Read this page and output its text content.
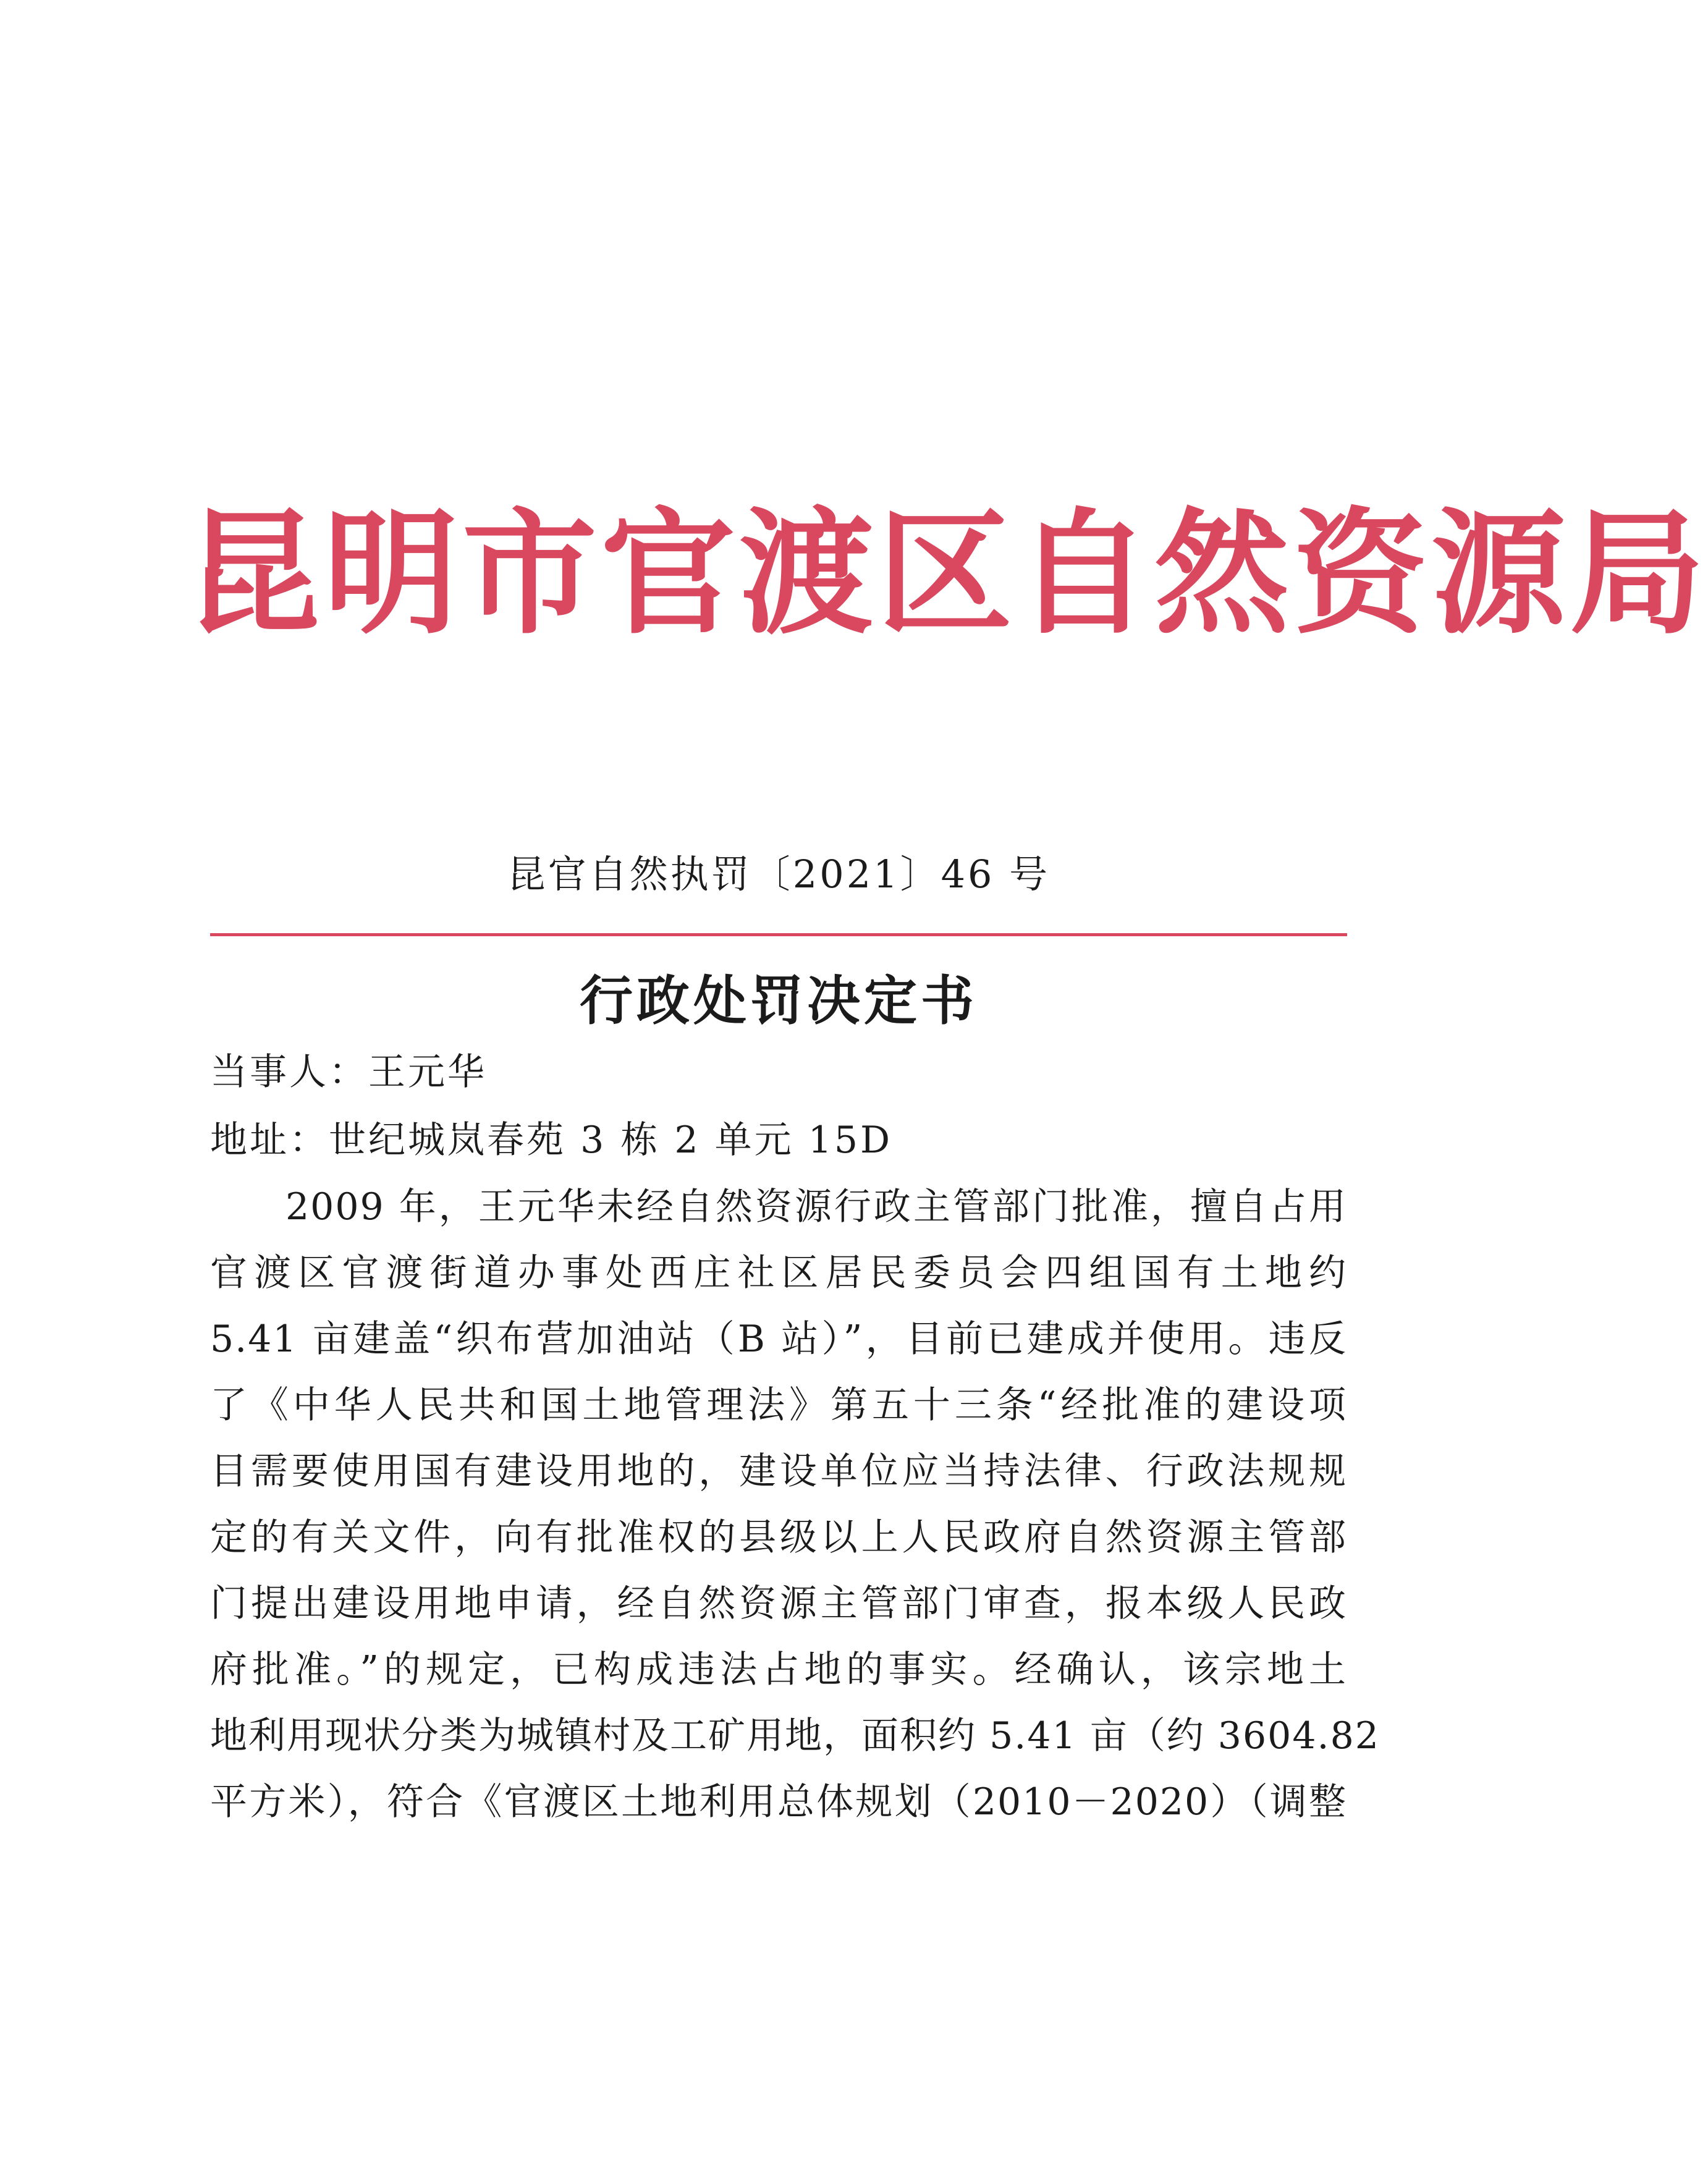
昆明市官渡区自然资源局
昆官自然执罚〔2021〕46 号
行政处罚决定书
当事人：王元华
地址：世纪城岚春苑 3 栋 2 单元 15D
2009 年，王元华未经自然资源行政主管部门批准，擅自占用
官渡区官渡街道办事处西庄社区居民委员会四组国有土地约
5.41 亩建盖“织布营加油站（B 站）”，目前已建成并使用。违反
了《中华人民共和国土地管理法》第五十三条“经批准的建设项
目需要使用国有建设用地的，建设单位应当持法律、行政法规规
定的有关文件，向有批准权的县级以上人民政府自然资源主管部
门提出建设用地申请，经自然资源主管部门审查，报本级人民政
府批准。”的规定，已构成违法占地的事实。经确认，该宗地土
地利用现状分类为城镇村及工矿用地，面积约 5.41 亩（约 3604.82
平方米），符合《官渡区土地利用总体规划（2010－2020）（调整
